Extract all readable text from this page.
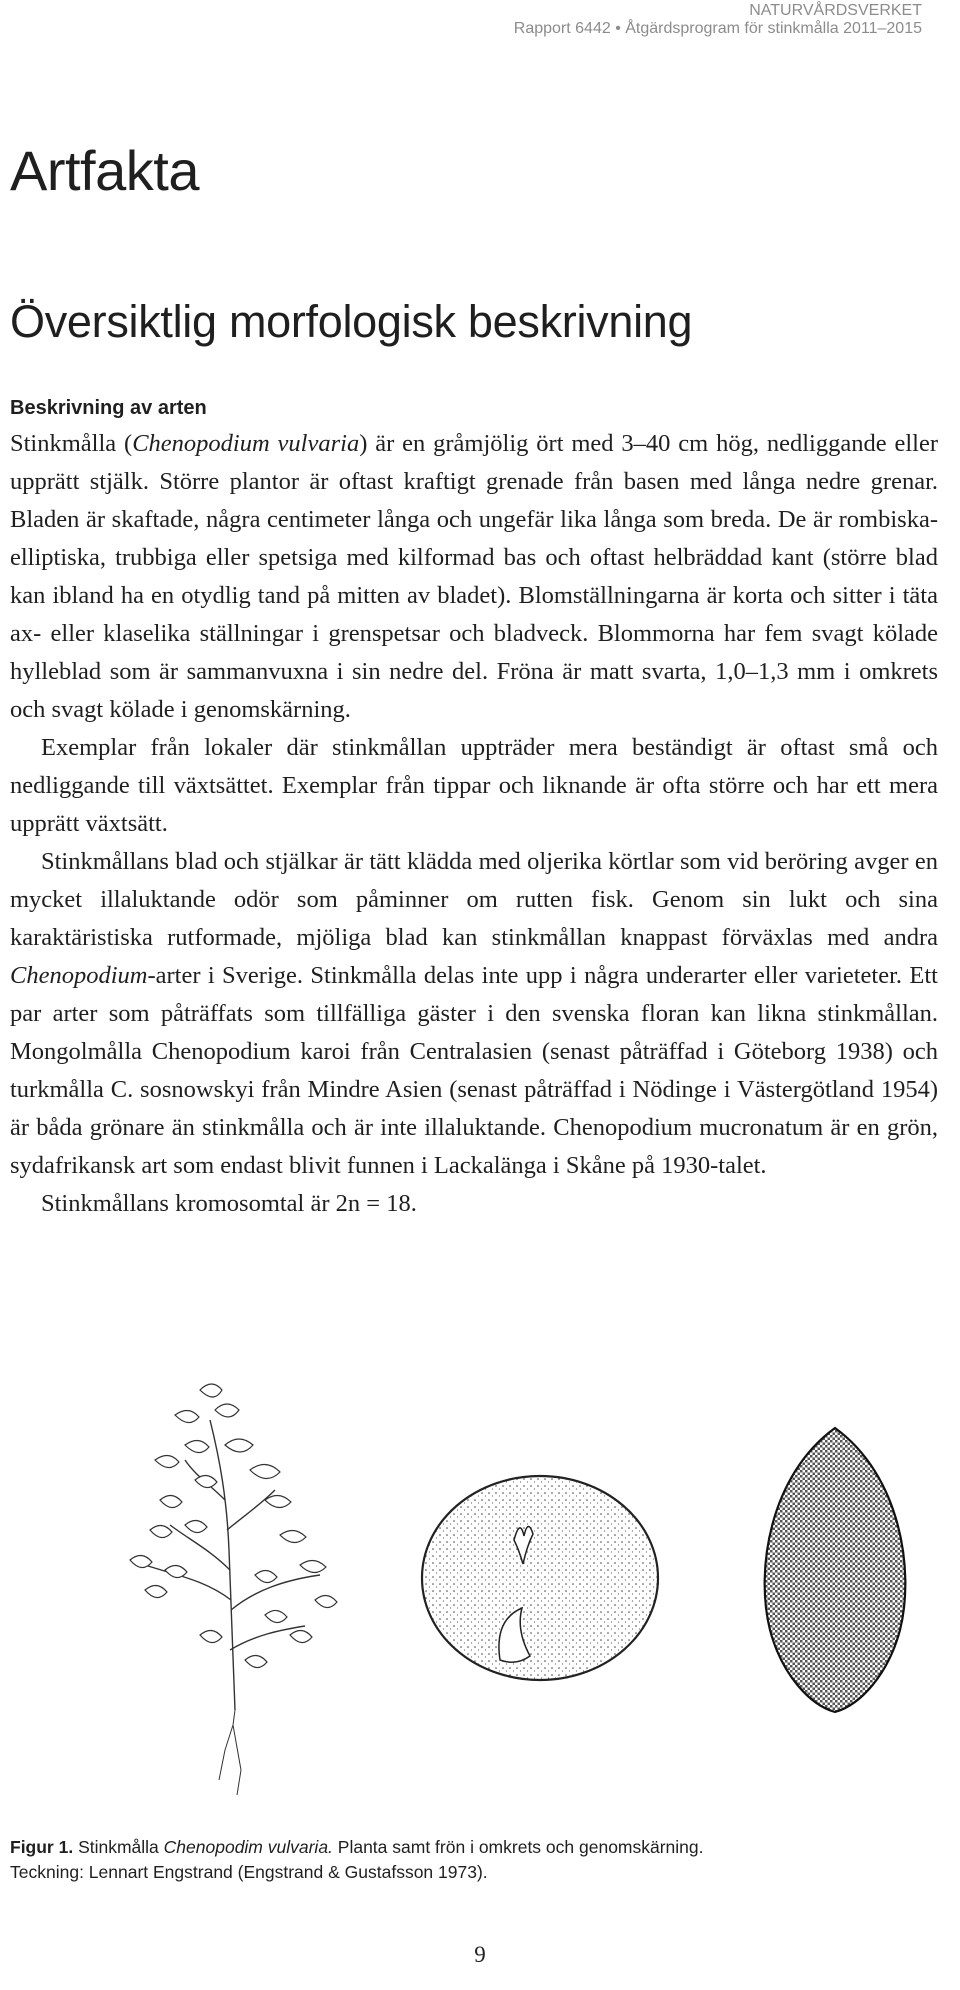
NATURVÅRDSVERKET
Rapport 6442 • Åtgärdsprogram för stinkmålla 2011–2015
Artfakta
Översiktlig morfologisk beskrivning
Beskrivning av arten

Stinkmålla (Chenopodium vulvaria) är en gråmjölig ört med 3–40 cm hög, nedliggande eller upprätt stjälk. Större plantor är oftast kraftigt grenade från basen med långa nedre grenar. Bladen är skaftade, några centimeter långa och ungefär lika långa som breda. De är rombiska-elliptiska, trubbiga eller spetsiga med kilformad bas och oftast helbräddad kant (större blad kan ibland ha en otydlig tand på mitten av bladet). Blomställningarna är korta och sitter i täta ax- eller klaselika ställningar i grenspetsar och bladveck. Blommorna har fem svagt kölade hylleblad som är sammanvuxna i sin nedre del. Fröna är matt svarta, 1,0–1,3 mm i omkrets och svagt kölade i genomskärning.

Exemplar från lokaler där stinkmållan uppträder mera beständigt är oftast små och nedliggande till växtsättet. Exemplar från tippar och liknande är ofta större och har ett mera upprätt växtsätt.

Stinkmållans blad och stjälkar är tätt klädda med oljerika körtlar som vid beröring avger en mycket illaluktande odör som påminner om rutten fisk. Genom sin lukt och sina karaktäristiska rutformade, mjöliga blad kan stinkmållan knappast förväxlas med andra Chenopodium-arter i Sverige. Stinkmålla delas inte upp i några underarter eller varieteter. Ett par arter som påträffats som tillfälliga gäster i den svenska floran kan likna stinkmållan. Mongolmålla Chenopodium karoi från Centralasien (senast påträffad i Göteborg 1938) och turkmålla C. sosnowskyi från Mindre Asien (senast påträffad i Nödinge i Västergötland 1954) är båda grönare än stinkmålla och är inte illaluktande. Chenopodium mucronatum är en grön, sydafrikansk art som endast blivit funnen i Lackalänga i Skåne på 1930-talet.

Stinkmållans kromosomtal är 2n = 18.

Figur 1. Stinkmålla Chenopodim vulvaria. Planta samt frön i omkrets och genomskärning.
Teckning: Lennart Engstrand (Engstrand & Gustafsson 1973).
9
